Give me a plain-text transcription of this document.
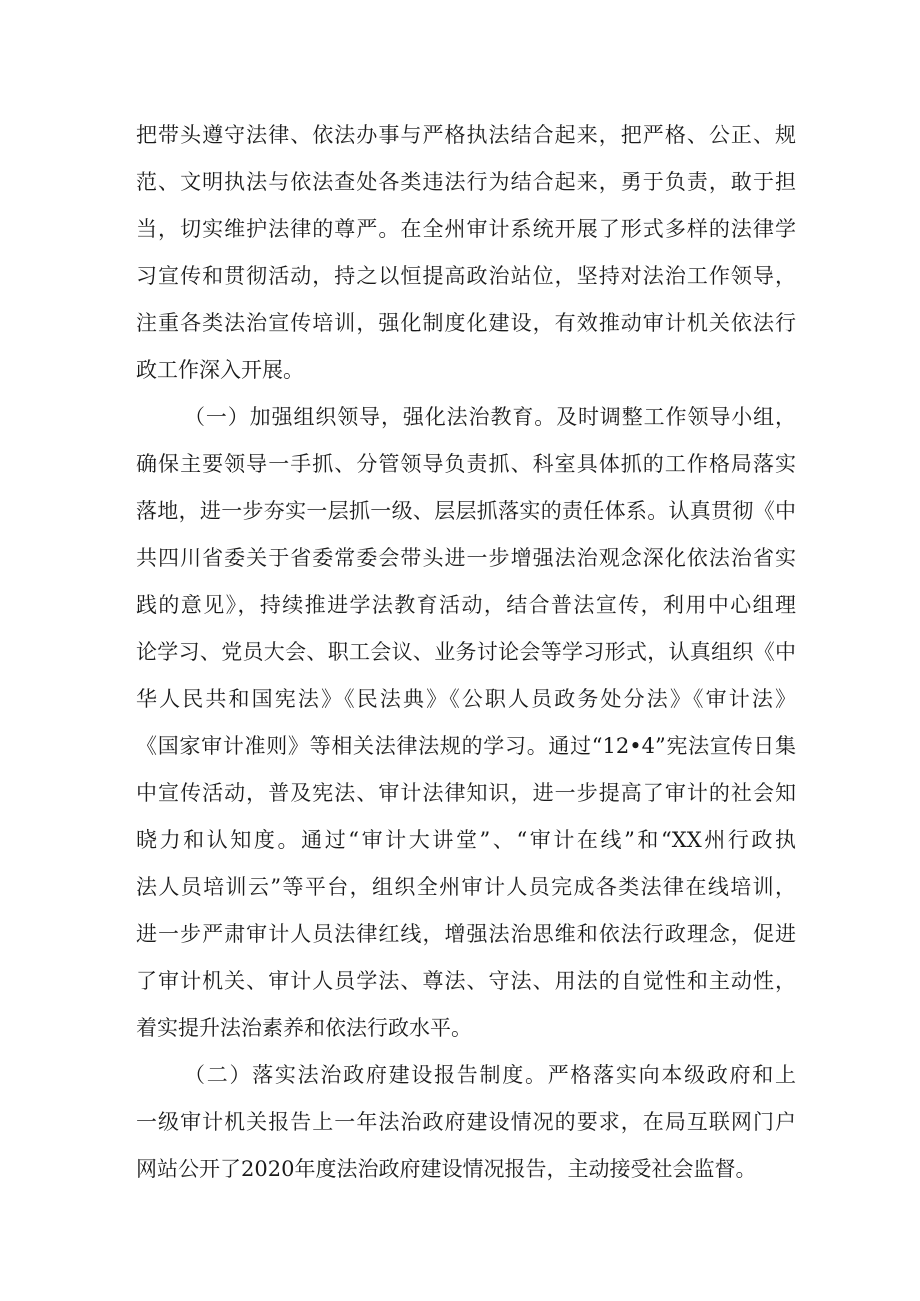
把带头遵守法律、依法办事与严格执法结合起来，把严格、公正、规

范、文明执法与依法查处各类违法行为结合起来，勇于负责，敢于担

当，切实维护法律的尊严。在全州审计系统开展了形式多样的法律学

习宣传和贯彻活动，持之以恒提高政治站位，坚持对法治工作领导，

注重各类法治宣传培训，强化制度化建设，有效推动审计机关依法行

政工作深入开展。

（一）加强组织领导，强化法治教育。及时调整工作领导小组，

确保主要领导一手抓、分管领导负责抓、科室具体抓的工作格局落实

落地，进一步夯实一层抓一级、层层抓落实的责任体系。认真贯彻《中

共四川省委关于省委常委会带头进一步增强法治观念深化依法治省实

践的意见》，持续推进学法教育活动，结合普法宣传，利用中心组理

论学习、党员大会、职工会议、业务讨论会等学习形式，认真组织《中

华人民共和国宪法》《民法典》《公职人员政务处分法》《审计法》

《国家审计准则》等相关法律法规的学习。通过“12•4”宪法宣传日集

中宣传活动，普及宪法、审计法律知识，进一步提高了审计的社会知

晓力和认知度。通过“审计大讲堂”、“审计在线”和“XX州行政执

法人员培训云”等平台，组织全州审计人员完成各类法律在线培训，

进一步严肃审计人员法律红线，增强法治思维和依法行政理念，促进

了审计机关、审计人员学法、尊法、守法、用法的自觉性和主动性，

着实提升法治素养和依法行政水平。

（二）落实法治政府建设报告制度。严格落实向本级政府和上

一级审计机关报告上一年法治政府建设情况的要求，在局互联网门户

网站公开了2020年度法治政府建设情况报告，主动接受社会监督。
